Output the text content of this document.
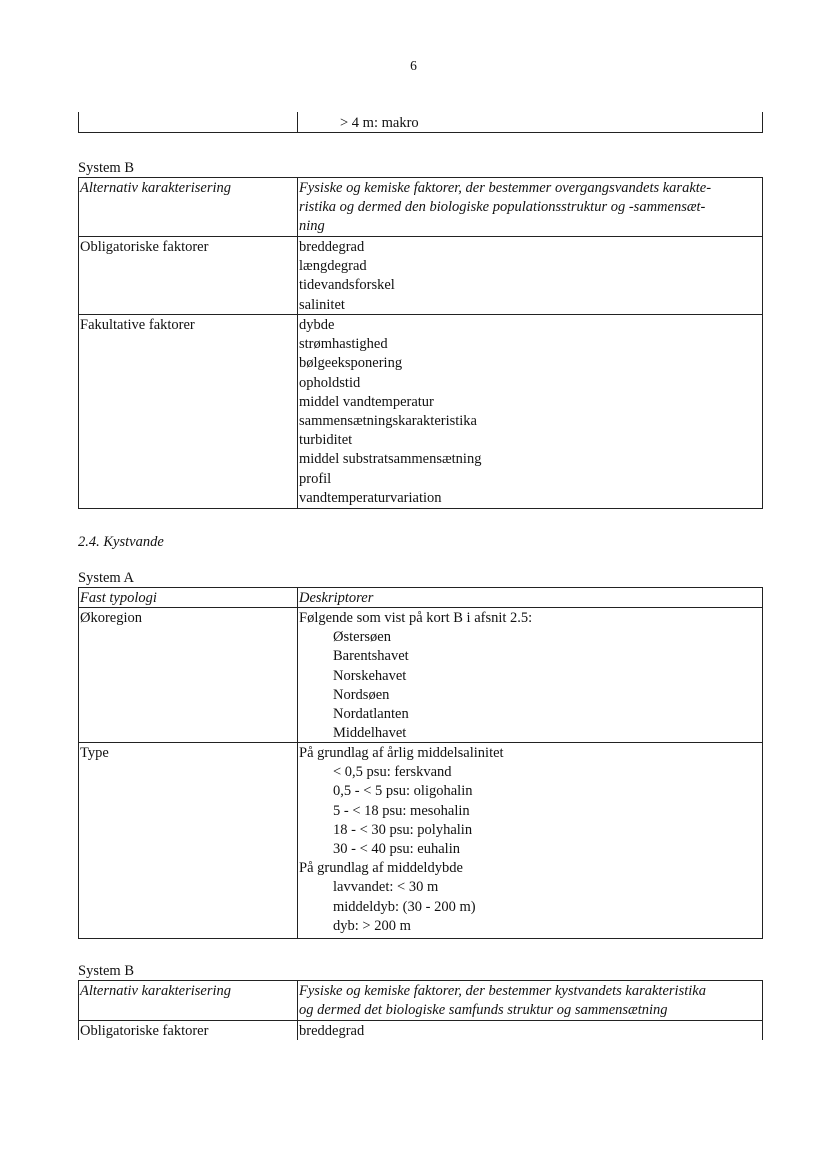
6
> 4 m: makro
System B
Alternativ karakterisering	Fysiske og kemiske faktorer, der bestemmer overgangsvandets karakte-
ristika og dermed den biologiske populationsstruktur og -sammensæt-
ning
Obligatoriske faktorer	breddegrad
længdegrad
tidevandsforskel
salinitet
Fakultative faktorer	dybde
strømhastighed
bølgeeksponering
opholdstid
middel vandtemperatur
sammensætningskarakteristika
turbiditet
middel substratsammensætning
profil
vandtemperaturvariation
2.4. Kystvande
System A
Fast typologi	Deskriptorer
Økoregion	Følgende som vist på kort B i afsnit 2.5:
Østersøen
Barentshavet
Norskehavet
Nordsøen
Nordatlanten
Middelhavet
Type	På grundlag af årlig middelsalinitet
< 0,5 psu: ferskvand
0,5 - < 5 psu: oligohalin
5 - < 18 psu: mesohalin
18 - < 30 psu: polyhalin
30 - < 40 psu: euhalin
På grundlag af middeldybde
lavvandet: < 30 m
middeldyb: (30 - 200 m)
dyb: > 200 m
System B
Alternativ karakterisering	Fysiske og kemiske faktorer, der bestemmer kystvandets karakteristika
og dermed det biologiske samfunds struktur og sammensætning
Obligatoriske faktorer	breddegrad
